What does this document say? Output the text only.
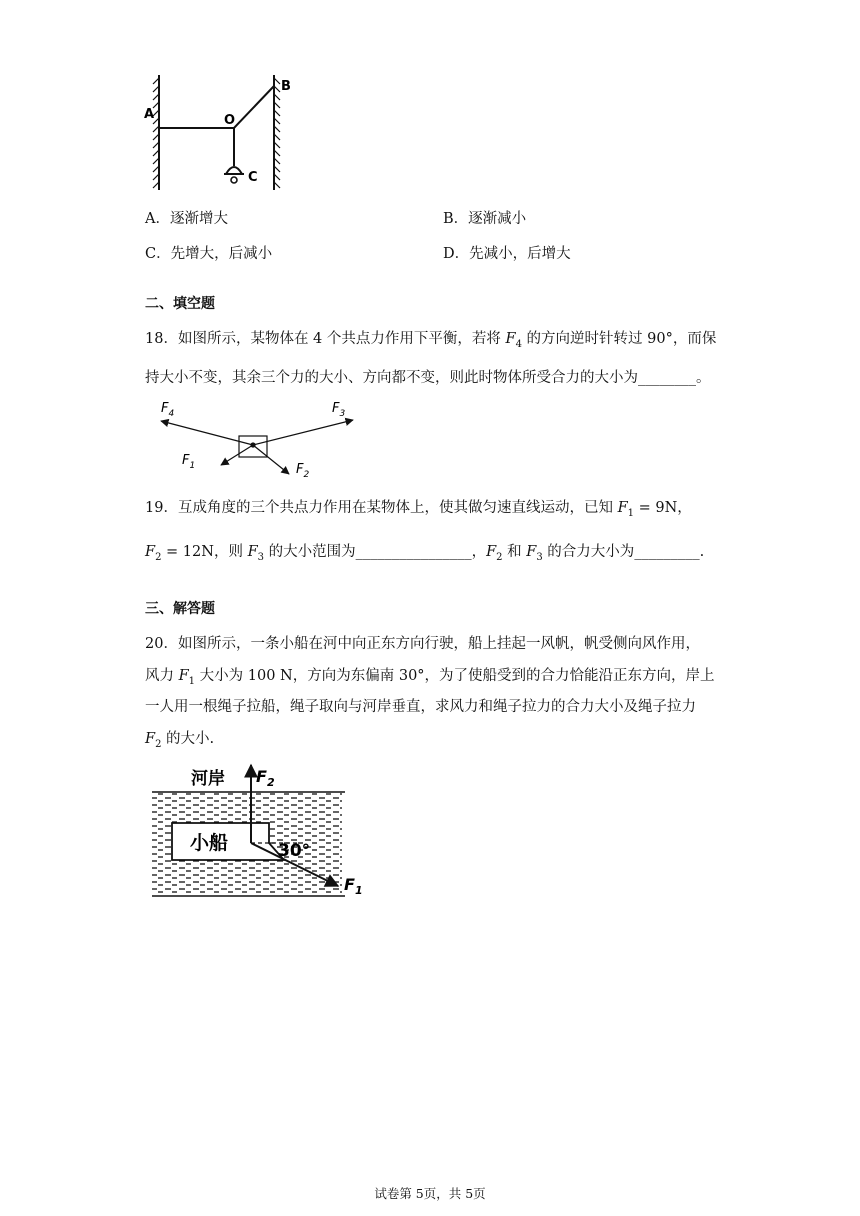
A
B
O
C
A．逐渐增大	B．逐渐减小
C．先增大，后减小	D．先减小，后增大
二、填空题
18．如图所示，某物体在 4 个共点力作用下平衡，若将 $F_4$ 的方向逆时针转过 90°，而保
持大小不变，其余三个力的大小、方向都不变，则此时物体所受合力的大小为________。
$F_4$	$F_3$
$F_1$	$F_2$
19．互成角度的三个共点力作用在某物体上，使其做匀速直线运动，已知 $F_1 = 9N$，
$F_2 = 12N$，则 $F_3$ 的大小范围为________________，$F_2$ 和 $F_3$ 的合力大小为_________.
三、解答题
20．如图所示，一条小船在河中向正东方向行驶，船上挂起一风帆，帆受侧向风作用，
风力 $F_1$ 大小为 100 N，方向为东偏南 30°，为了使船受到的合力恰能沿正东方向，岸上
一人用一根绳子拉船，绳子取向与河岸垂直，求风力和绳子拉力的合力大小及绳子拉力
$F_2$ 的大小.
河岸 $F_2$
小船	30°
$F_1$
试卷第 5页，共 5页
